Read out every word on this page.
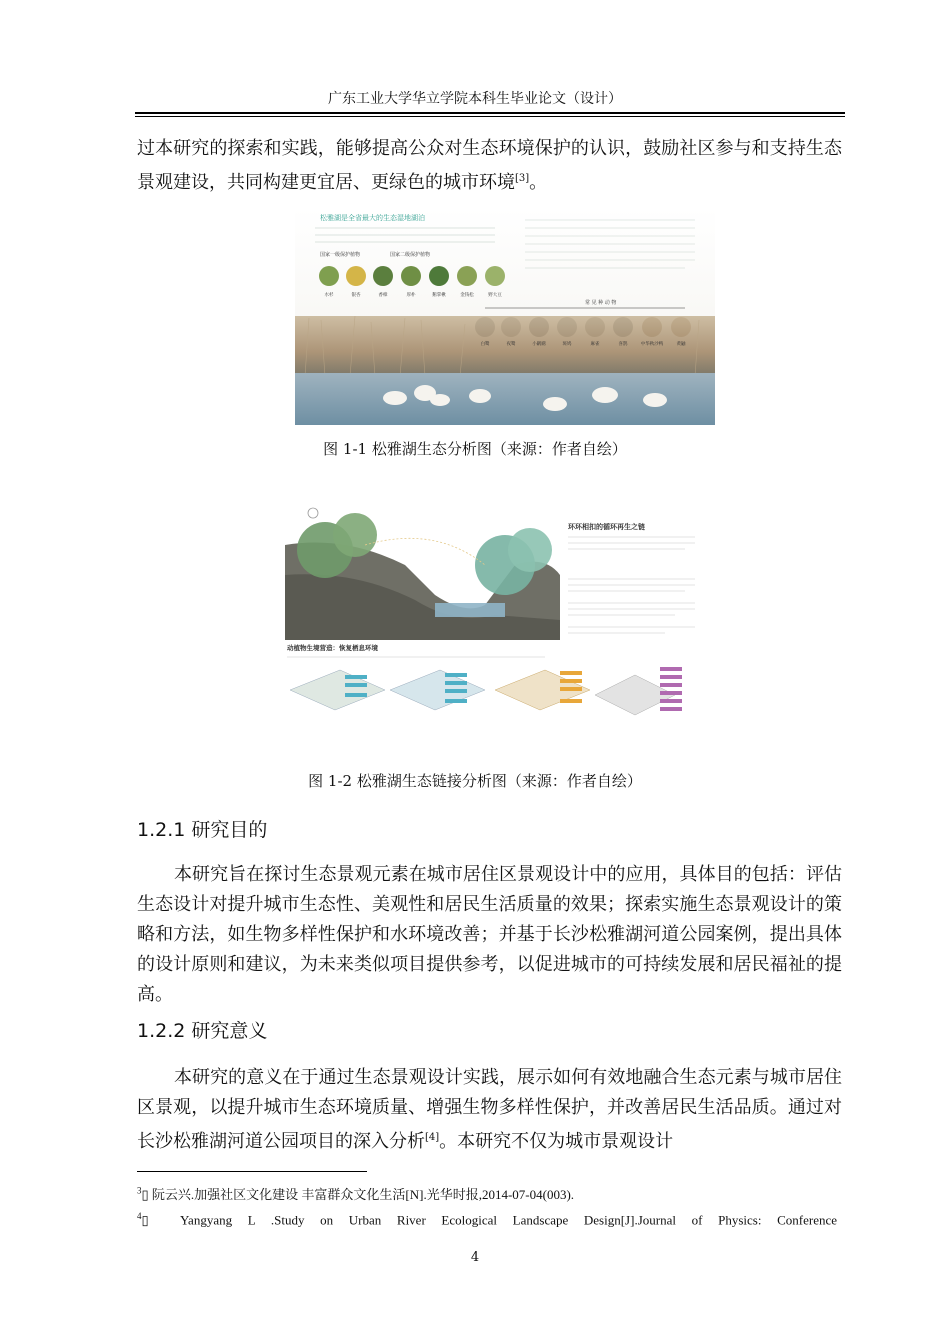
广东工业大学华立学院本科生毕业论文（设计）
过本研究的探索和实践，能够提高公众对生态环境保护的认识，鼓励社区参与和支持生态景观建设，共同构建更宜居、更绿色的城市环境[3]。
松雅湖是全省最大的生态湿地湖泊
国家一级保护植物	国家二级保护植物
水杉	银杏	香樟	厚朴	鹅掌楸	金钱松	野大豆
常 见 种 动 物
白鹭	夜鹭	小䴙䴘	斑鸠	麻雀	喜鹊	中华秋沙鸭	黄鼬
图 1-1 松雅湖生态分析图（来源：作者自绘）
环环相扣的循环再生之链
动植物生境营造：恢复栖息环境
图 1-2 松雅湖生态链接分析图（来源：作者自绘）
1.2.1 研究目的
本研究旨在探讨生态景观元素在城市居住区景观设计中的应用，具体目的包括：评估生态设计对提升城市生态性、美观性和居民生活质量的效果；探索实施生态景观设计的策略和方法，如生物多样性保护和水环境改善；并基于长沙松雅湖河道公园案例，提出具体的设计原则和建议，为未来类似项目提供参考，以促进城市的可持续发展和居民福祉的提高。
1.2.2 研究意义
本研究的意义在于通过生态景观设计实践，展示如何有效地融合生态元素与城市居住区景观，以提升城市生态环境质量、增强生物多样性保护，并改善居民生活品质。通过对长沙松雅湖河道公园项目的深入分析[4]。本研究不仅为城市景观设计
$^3$▯ 阮云兴.加强社区文化建设 丰富群众文化生活[N].光华时报,2014-07-04(003).
$^4$▯  Yangyang L .Study on Urban River Ecological Landscape Design[J].Journal of Physics: Conference
4
